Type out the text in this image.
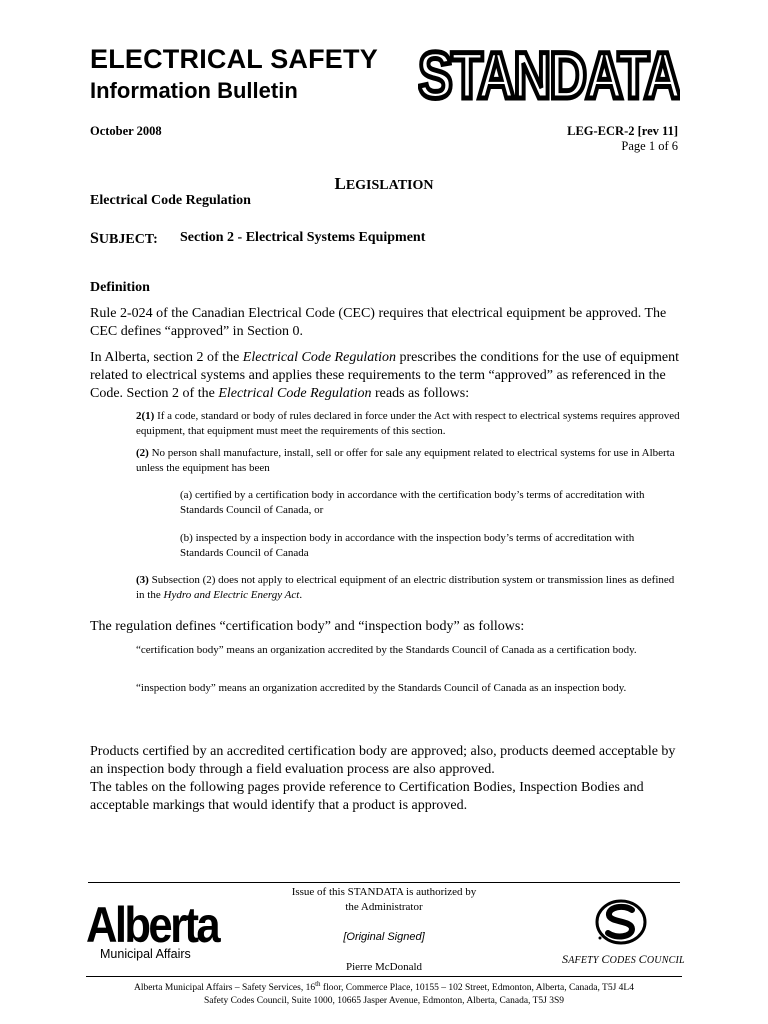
ELECTRICAL SAFETY
Information Bulletin STANDATA
October 2008	LEG-ECR-2 [rev 11]
Page 1 of 6
LEGISLATION
Electrical Code Regulation
SUBJECT: Section 2 - Electrical Systems Equipment
Definition
Rule 2-024 of the Canadian Electrical Code (CEC) requires that electrical equipment be approved. The CEC defines “approved” in Section 0.
In Alberta, section 2 of the Electrical Code Regulation prescribes the conditions for the use of equipment related to electrical systems and applies these requirements to the term “approved” as referenced in the Code. Section 2 of the Electrical Code Regulation reads as follows:
2(1) If a code, standard or body of rules declared in force under the Act with respect to electrical systems requires approved equipment, that equipment must meet the requirements of this section.
(2) No person shall manufacture, install, sell or offer for sale any equipment related to electrical systems for use in Alberta unless the equipment has been
(a) certified by a certification body in accordance with the certification body’s terms of accreditation with Standards Council of Canada, or
(b) inspected by a inspection body in accordance with the inspection body’s terms of accreditation with Standards Council of Canada
(3) Subsection (2) does not apply to electrical equipment of an electric distribution system or transmission lines as defined in the Hydro and Electric Energy Act.
The regulation defines “certification body” and “inspection body” as follows:
“certification body” means an organization accredited by the Standards Council of Canada as a certification body.
“inspection body” means an organization accredited by the Standards Council of Canada as an inspection body.
Products certified by an accredited certification body are approved; also, products deemed acceptable by an inspection body through a field evaluation process are also approved.
The tables on the following pages provide reference to Certification Bodies, Inspection Bodies and acceptable markings that would identify that a product is approved.
Issue of this STANDATA is authorized by
the Administrator
[Original Signed]
Pierre McDonald
Alberta
Municipal Affairs	SAFETY CODES COUNCIL
Alberta Municipal Affairs – Safety Services, 16th floor, Commerce Place, 10155 – 102 Street, Edmonton, Alberta, Canada, T5J 4L4
Safety Codes Council, Suite 1000, 10665 Jasper Avenue, Edmonton, Alberta, Canada, T5J 3S9
